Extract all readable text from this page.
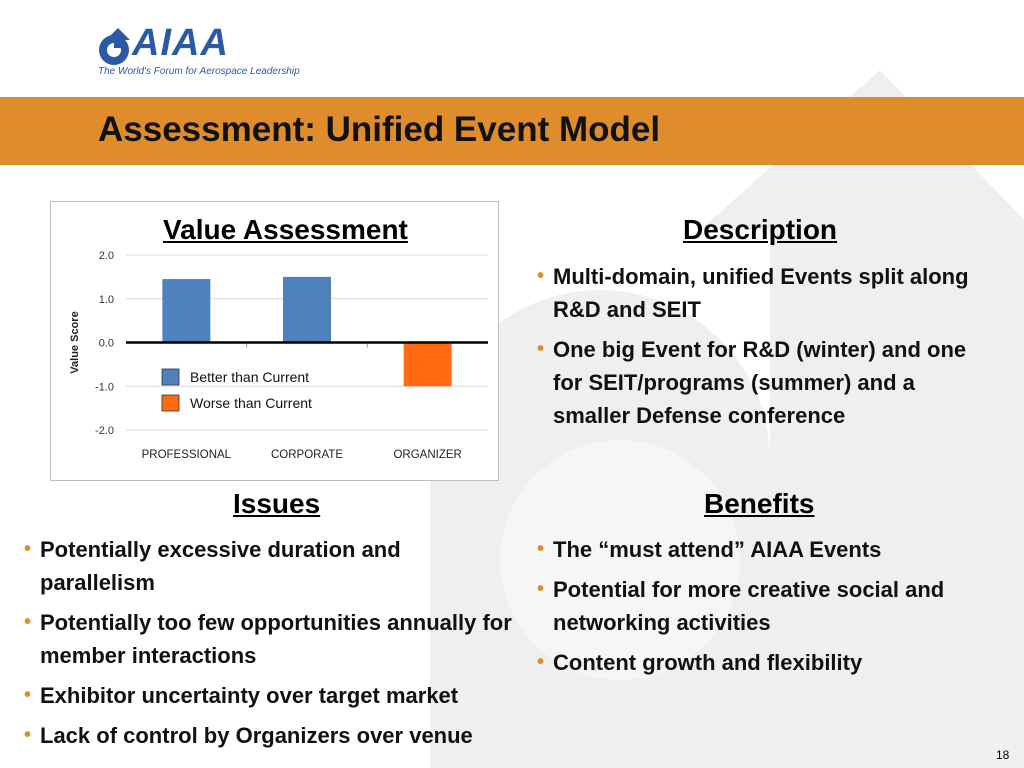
AIAA
The World's Forum for Aerospace Leadership
Assessment: Unified Event Model
2.0
1.0
0.0
-1.0
-2.0
PROFESSIONAL	CORPORATE	ORGANIZER
Value Score
Better than Current
Worse than Current
Value Assessment	Description
• Multi-domain, unified Events split along R&D and SEIT
• One big Event for R&D (winter) and one for SEIT/programs (summer) and a smaller Defense conference
Issues
• Potentially excessive duration and parallelism
• Potentially too few opportunities annually for member interactions
• Exhibitor uncertainty over target market
• Lack of control by Organizers over venue
Benefits
• The “must attend” AIAA Events
• Potential for more creative social and networking activities
• Content growth and flexibility
18
